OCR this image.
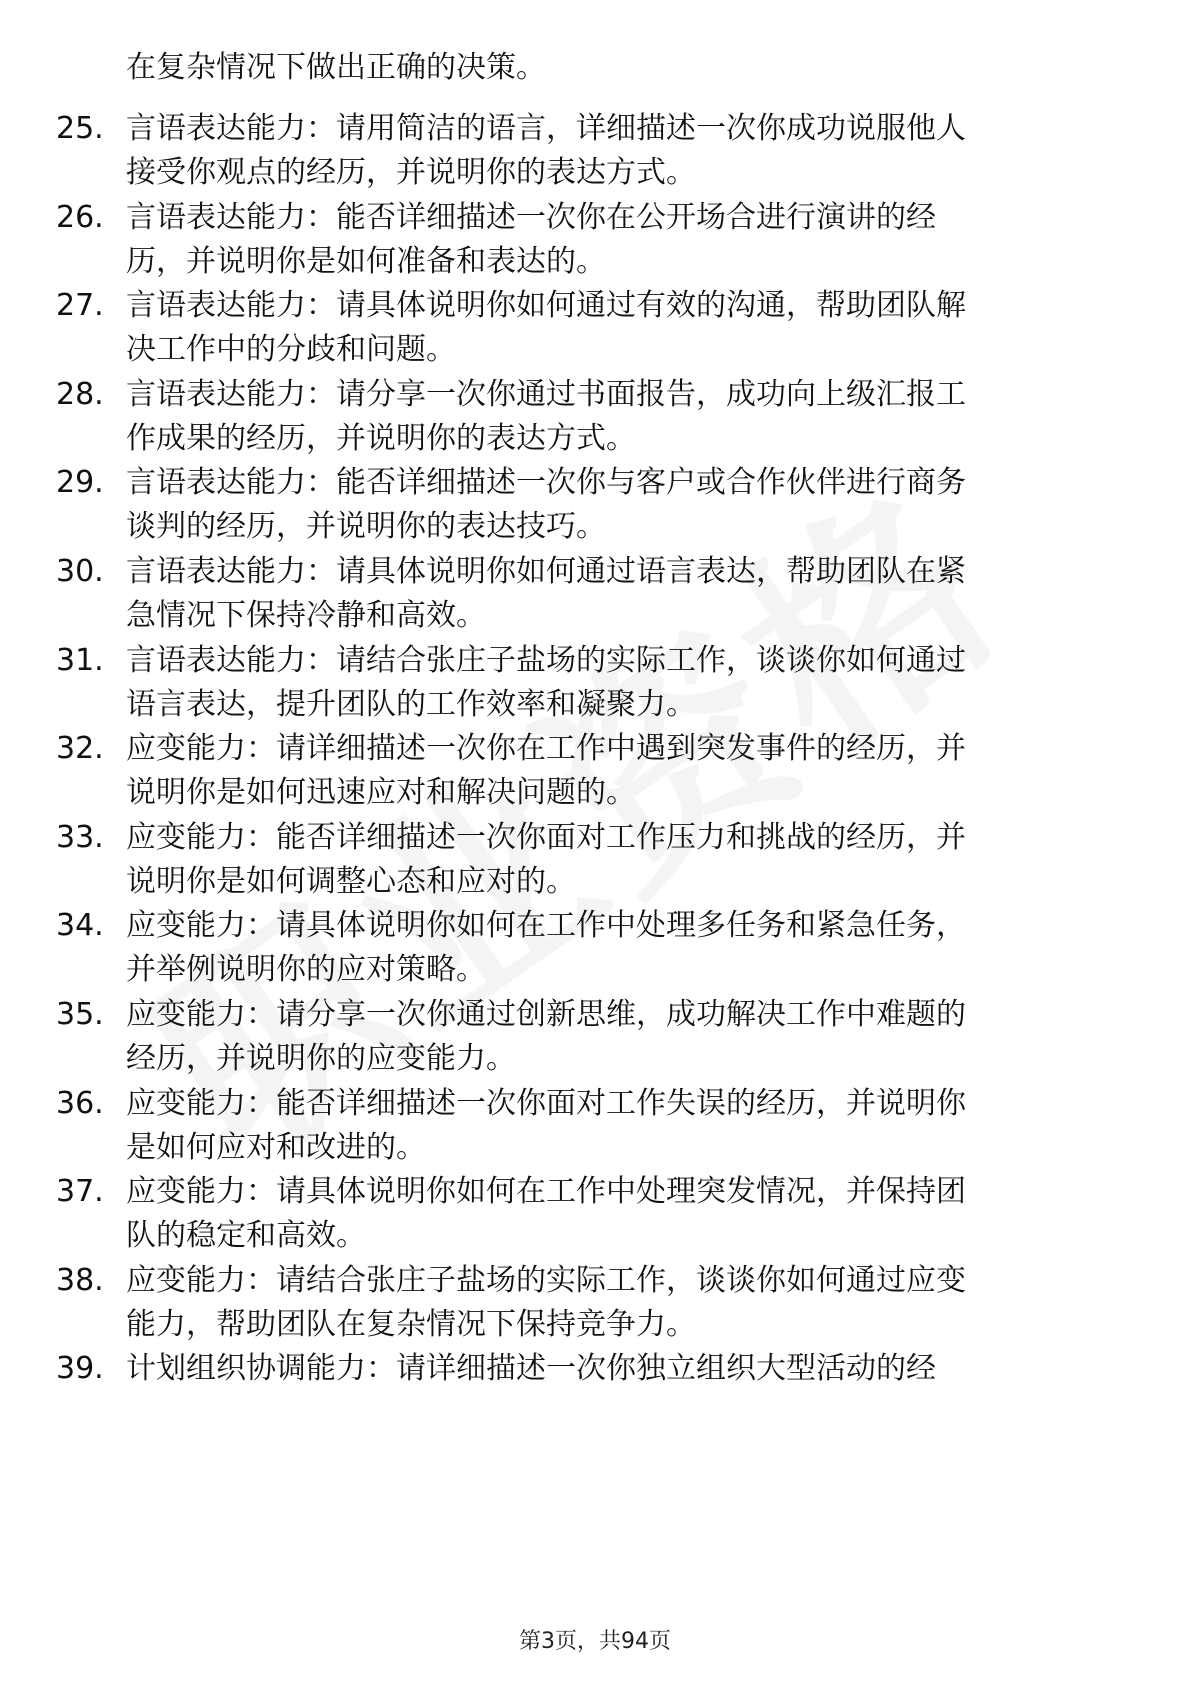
在复杂情况下做出正确的决策。
25. 言语表达能力：请用简洁的语言，详细描述一次你成功说服他人
接受你观点的经历，并说明你的表达方式。
26. 言语表达能力：能否详细描述一次你在公开场合进行演讲的经
历，并说明你是如何准备和表达的。
27. 言语表达能力：请具体说明你如何通过有效的沟通，帮助团队解
决工作中的分歧和问题。
28. 言语表达能力：请分享一次你通过书面报告，成功向上级汇报工
作成果的经历，并说明你的表达方式。
29. 言语表达能力：能否详细描述一次你与客户或合作伙伴进行商务
谈判的经历，并说明你的表达技巧。
30. 言语表达能力：请具体说明你如何通过语言表达，帮助团队在紧
急情况下保持冷静和高效。
31. 言语表达能力：请结合张庄子盐场的实际工作，谈谈你如何通过
语言表达，提升团队的工作效率和凝聚力。
32. 应变能力：请详细描述一次你在工作中遇到突发事件的经历，并
说明你是如何迅速应对和解决问题的。
33. 应变能力：能否详细描述一次你面对工作压力和挑战的经历，并
说明你是如何调整心态和应对的。
34. 应变能力：请具体说明你如何在工作中处理多任务和紧急任务，
并举例说明你的应对策略。
35. 应变能力：请分享一次你通过创新思维，成功解决工作中难题的
经历，并说明你的应变能力。
36. 应变能力：能否详细描述一次你面对工作失误的经历，并说明你
是如何应对和改进的。
37. 应变能力：请具体说明你如何在工作中处理突发情况，并保持团
队的稳定和高效。
38. 应变能力：请结合张庄子盐场的实际工作，谈谈你如何通过应变
能力，帮助团队在复杂情况下保持竞争力。
39. 计划组织协调能力：请详细描述一次你独立组织大型活动的经
第3页，共94页
